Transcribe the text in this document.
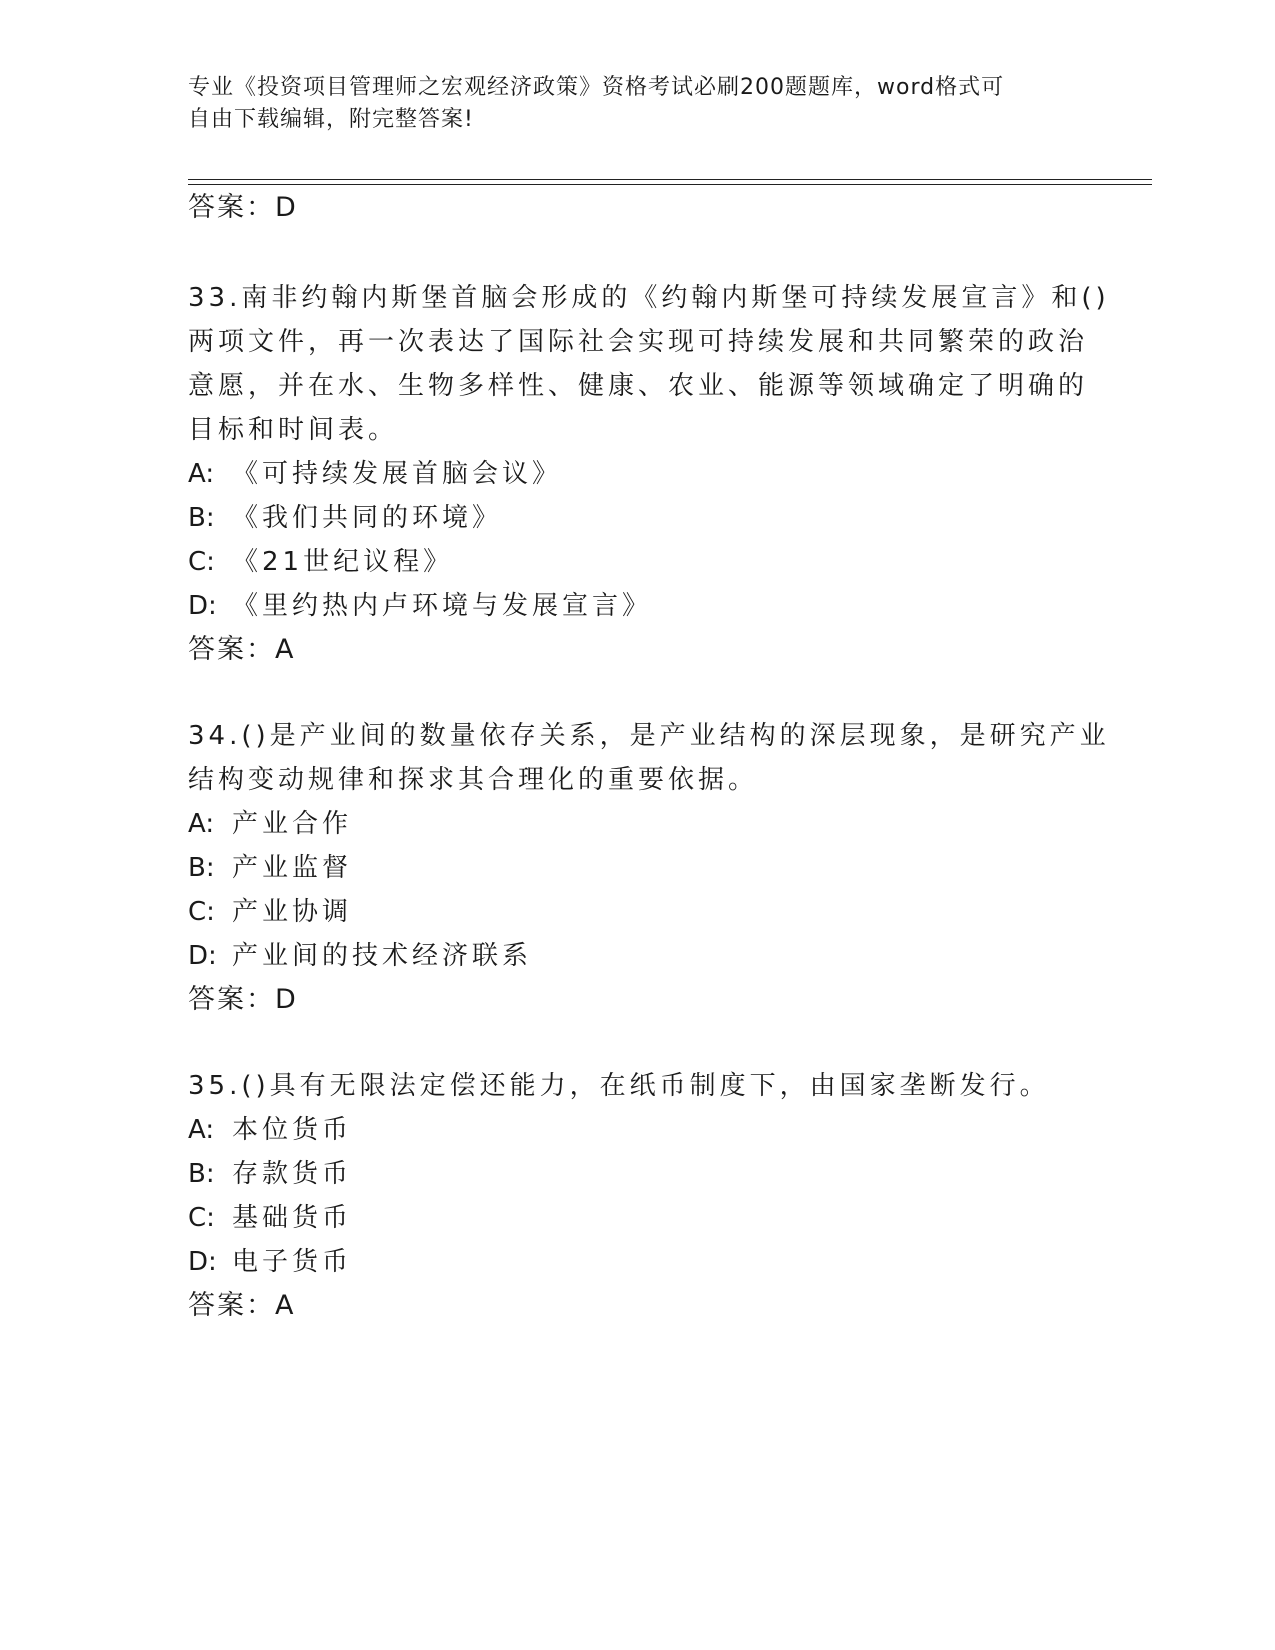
专业《投资项目管理师之宏观经济政策》资格考试必刷200题题库，word格式可
自由下载编辑，附完整答案!
答案：D
33.南非约翰内斯堡首脑会形成的《约翰内斯堡可持续发展宣言》和()
两项文件，再一次表达了国际社会实现可持续发展和共同繁荣的政治
意愿，并在水、生物多样性、健康、农业、能源等领域确定了明确的
目标和时间表。
A: 《可持续发展首脑会议》
B: 《我们共同的环境》
C: 《21世纪议程》
D: 《里约热内卢环境与发展宣言》
答案：A
34.()是产业间的数量依存关系，是产业结构的深层现象，是研究产业
结构变动规律和探求其合理化的重要依据。
A: 产业合作
B: 产业监督
C: 产业协调
D: 产业间的技术经济联系
答案：D
35.()具有无限法定偿还能力，在纸币制度下，由国家垄断发行。
A: 本位货币
B: 存款货币
C: 基础货币
D: 电子货币
答案：A
